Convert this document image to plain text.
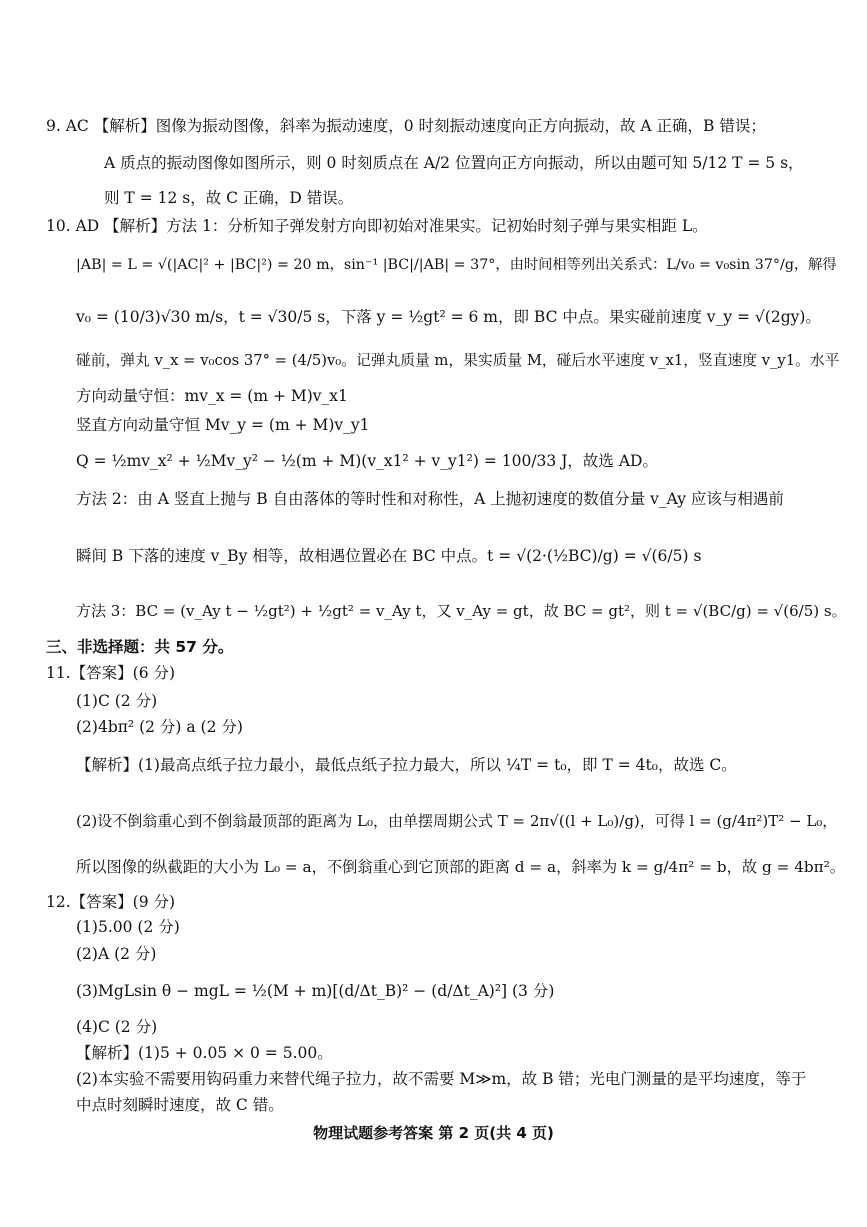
9. AC 【解析】图像为振动图像，斜率为振动速度，0 时刻振动速度向正方向振动，故 A 正确，B 错误；
A 质点的振动图像如图所示，则 0 时刻质点在 A/2 位置向正方向振动，所以由题可知 5/12 T = 5 s，
则 T = 12 s，故 C 正确，D 错误。
10. AD 【解析】方法 1：分析知子弹发射方向即初始对准果实。记初始时刻子弹与果实相距 L。
|AB| = L = √(|AC|² + |BC|²) = 20 m，sin⁻¹ |BC|/|AB| = 37°，由时间相等列出关系式：L/v₀ = v₀sin 37°/g，解得
v₀ = (10/3)√30 m/s，t = √30/5 s，下落 y = ½gt² = 6 m，即 BC 中点。果实碰前速度 v_y = √(2gy)。
碰前，弹丸 v_x = v₀cos 37° = (4/5)v₀。记弹丸质量 m，果实质量 M，碰后水平速度 v_x1，竖直速度 v_y1。水平
方向动量守恒：mv_x = (m + M)v_x1
竖直方向动量守恒 Mv_y = (m + M)v_y1
Q = ½mv_x² + ½Mv_y² − ½(m + M)(v_x1² + v_y1²) = 100/33 J，故选 AD。
方法 2：由 A 竖直上抛与 B 自由落体的等时性和对称性，A 上抛初速度的数值分量 v_Ay 应该与相遇前
瞬间 B 下落的速度 v_By 相等，故相遇位置必在 BC 中点。t = √(2·(½BC)/g) = √(6/5) s
方法 3：BC = (v_Ay t − ½gt²) + ½gt² = v_Ay t，又 v_Ay = gt，故 BC = gt²，则 t = √(BC/g) = √(6/5) s。
三、非选择题：共 57 分。
11.【答案】(6 分)
(1)C (2 分)
(2)4bπ² (2 分) a (2 分)
【解析】(1)最高点纸子拉力最小，最低点纸子拉力最大，所以 ¼T = t₀，即 T = 4t₀，故选 C。
(2)设不倒翁重心到不倒翁最顶部的距离为 L₀，由单摆周期公式 T = 2π√((l + L₀)/g)，可得 l = (g/4π²)T² − L₀，
所以图像的纵截距的大小为 L₀ = a，不倒翁重心到它顶部的距离 d = a，斜率为 k = g/4π² = b，故 g = 4bπ²。
12.【答案】(9 分)
(1)5.00 (2 分)
(2)A (2 分)
(3)MgLsin θ − mgL = ½(M + m)[(d/Δt_B)² − (d/Δt_A)²] (3 分)
(4)C (2 分)
【解析】(1)5 + 0.05 × 0 = 5.00。
(2)本实验不需要用钩码重力来替代绳子拉力，故不需要 M≫m，故 B 错；光电门测量的是平均速度，等于
中点时刻瞬时速度，故 C 错。
物理试题参考答案 第 2 页(共 4 页)
